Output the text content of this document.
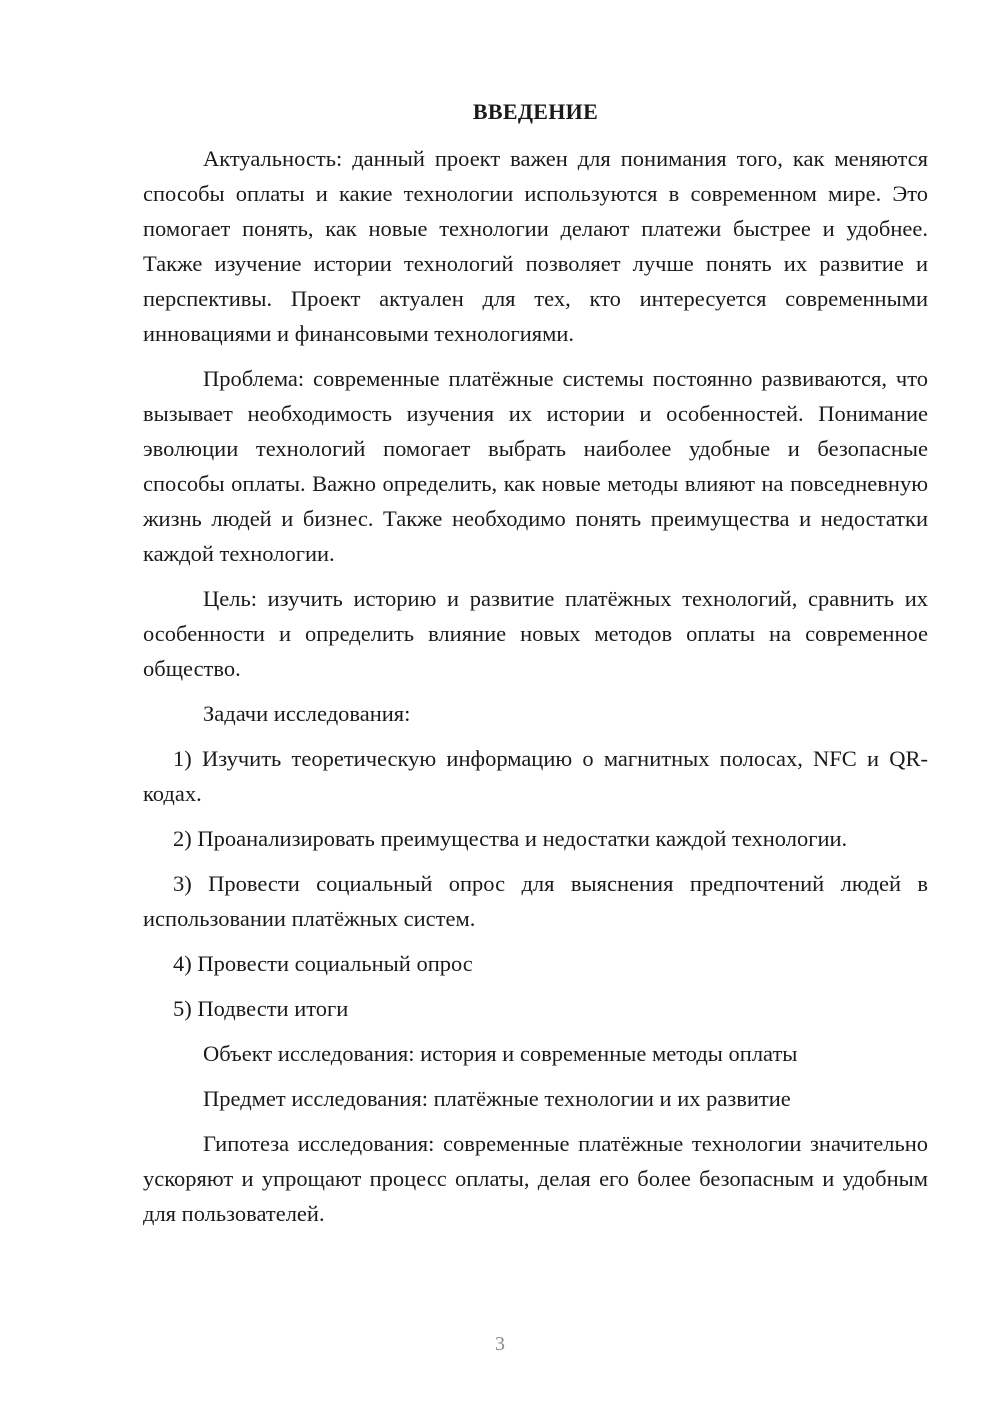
ВВЕДЕНИЕ

Актуальность: данный проект важен для понимания того, как меняются способы оплаты и какие технологии используются в современном мире. Это помогает понять, как новые технологии делают платежи быстрее и удобнее. Также изучение истории технологий позволяет лучше понять их развитие и перспективы. Проект актуален для тех, кто интересуется современными инновациями и финансовыми технологиями.

Проблема: современные платёжные системы постоянно развиваются, что вызывает необходимость изучения их истории и особенностей. Понимание эволюции технологий помогает выбрать наиболее удобные и безопасные способы оплаты. Важно определить, как новые методы влияют на повседневную жизнь людей и бизнес. Также необходимо понять преимущества и недостатки каждой технологии.

Цель: изучить историю и развитие платёжных технологий, сравнить их особенности и определить влияние новых методов оплаты на современное общество.

Задачи исследования:

1) Изучить теоретическую информацию о магнитных полосах, NFC и QR-кодах.

2) Проанализировать преимущества и недостатки каждой технологии.

3) Провести социальный опрос для выяснения предпочтений людей в использовании платёжных систем.

4) Провести социальный опрос

5) Подвести итоги

Объект исследования: история и современные методы оплаты

Предмет исследования: платёжные технологии и их развитие

Гипотеза исследования: современные платёжные технологии значительно ускоряют и упрощают процесс оплаты, делая его более безопасным и удобным для пользователей.

3
